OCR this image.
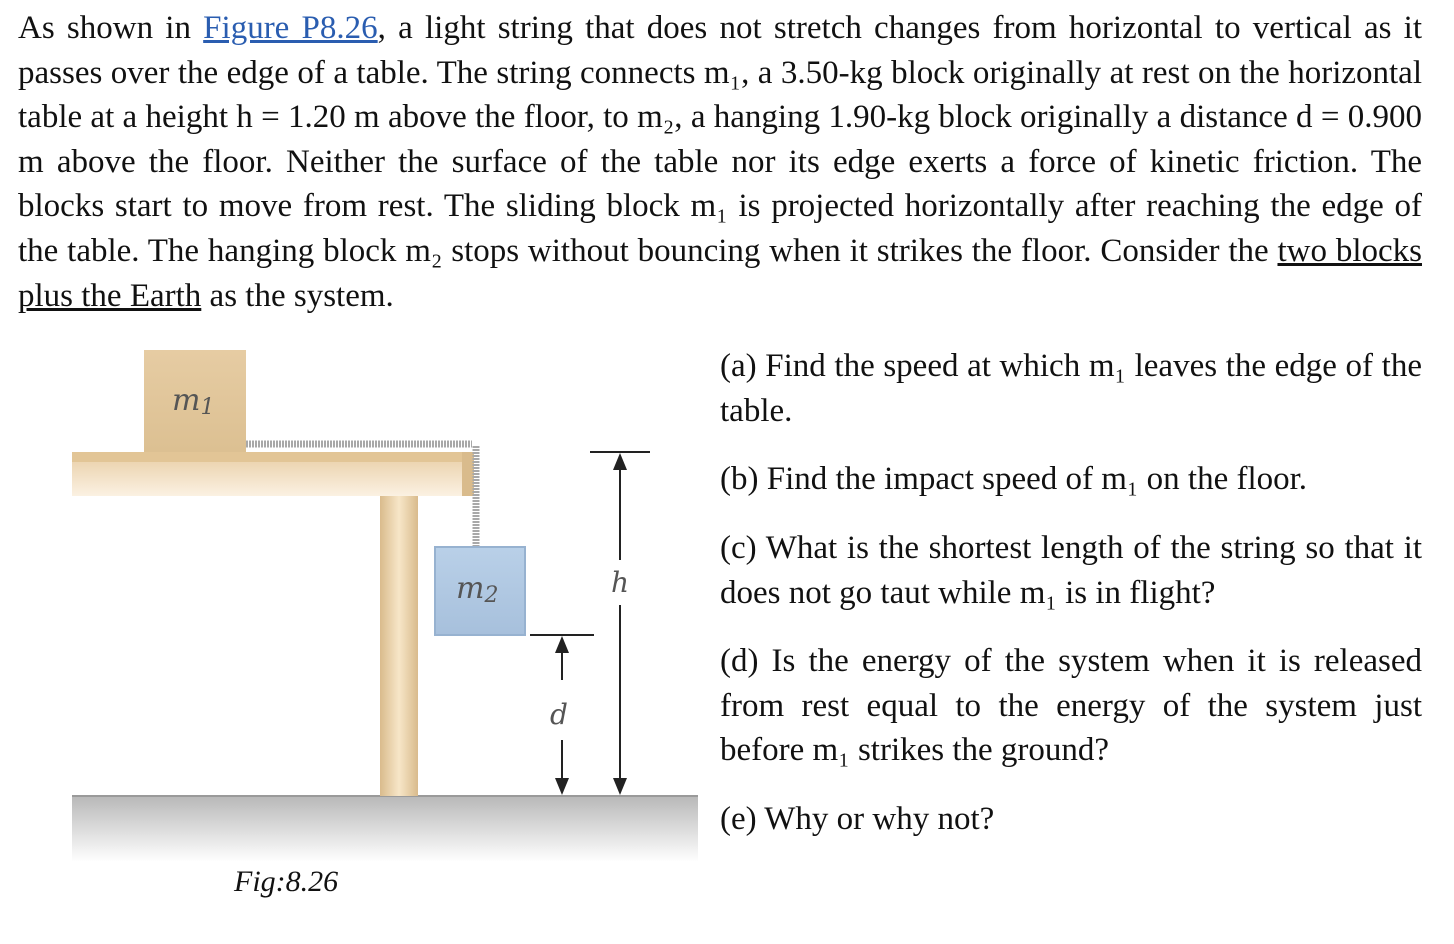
As shown in Figure P8.26, a light string that does not stretch changes from horizontal to vertical as it passes over the edge of a table. The string connects m₁, a 3.50-kg block originally at rest on the horizontal table at a height h = 1.20 m above the floor, to m₂, a hanging 1.90-kg block originally a distance d = 0.900 m above the floor. Neither the surface of the table nor its edge exerts a force of kinetic friction. The blocks start to move from rest. The sliding block m₁ is projected horizontally after reaching the edge of the table. The hanging block m₂ stops without bouncing when it strikes the floor. Consider the two blocks plus the Earth as the system.
m1
m2	h
d
Fig:8.26
(a) Find the speed at which m₁ leaves the edge of the table.
(b) Find the impact speed of m₁ on the floor.
(c) What is the shortest length of the string so that it does not go taut while m₁ is in flight?
(d) Is the energy of the system when it is released from rest equal to the energy of the system just before m₁ strikes the ground?
(e) Why or why not?
